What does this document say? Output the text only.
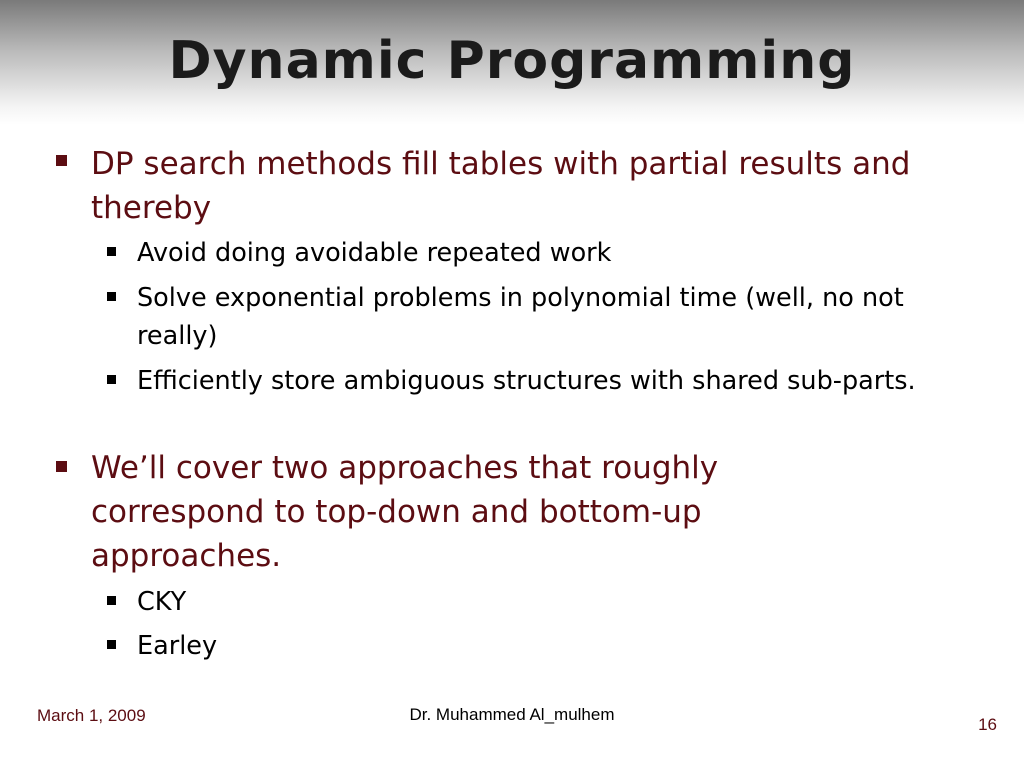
Dynamic Programming
DP search methods fill tables with partial results and thereby
Avoid doing avoidable repeated work
Solve exponential problems in polynomial time (well, no not really)
Efficiently store ambiguous structures with shared sub-parts.
We’ll cover two approaches that roughly correspond to top-down and bottom-up approaches.
CKY
Earley
March 1, 2009	Dr. Muhammed Al_mulhem
16
